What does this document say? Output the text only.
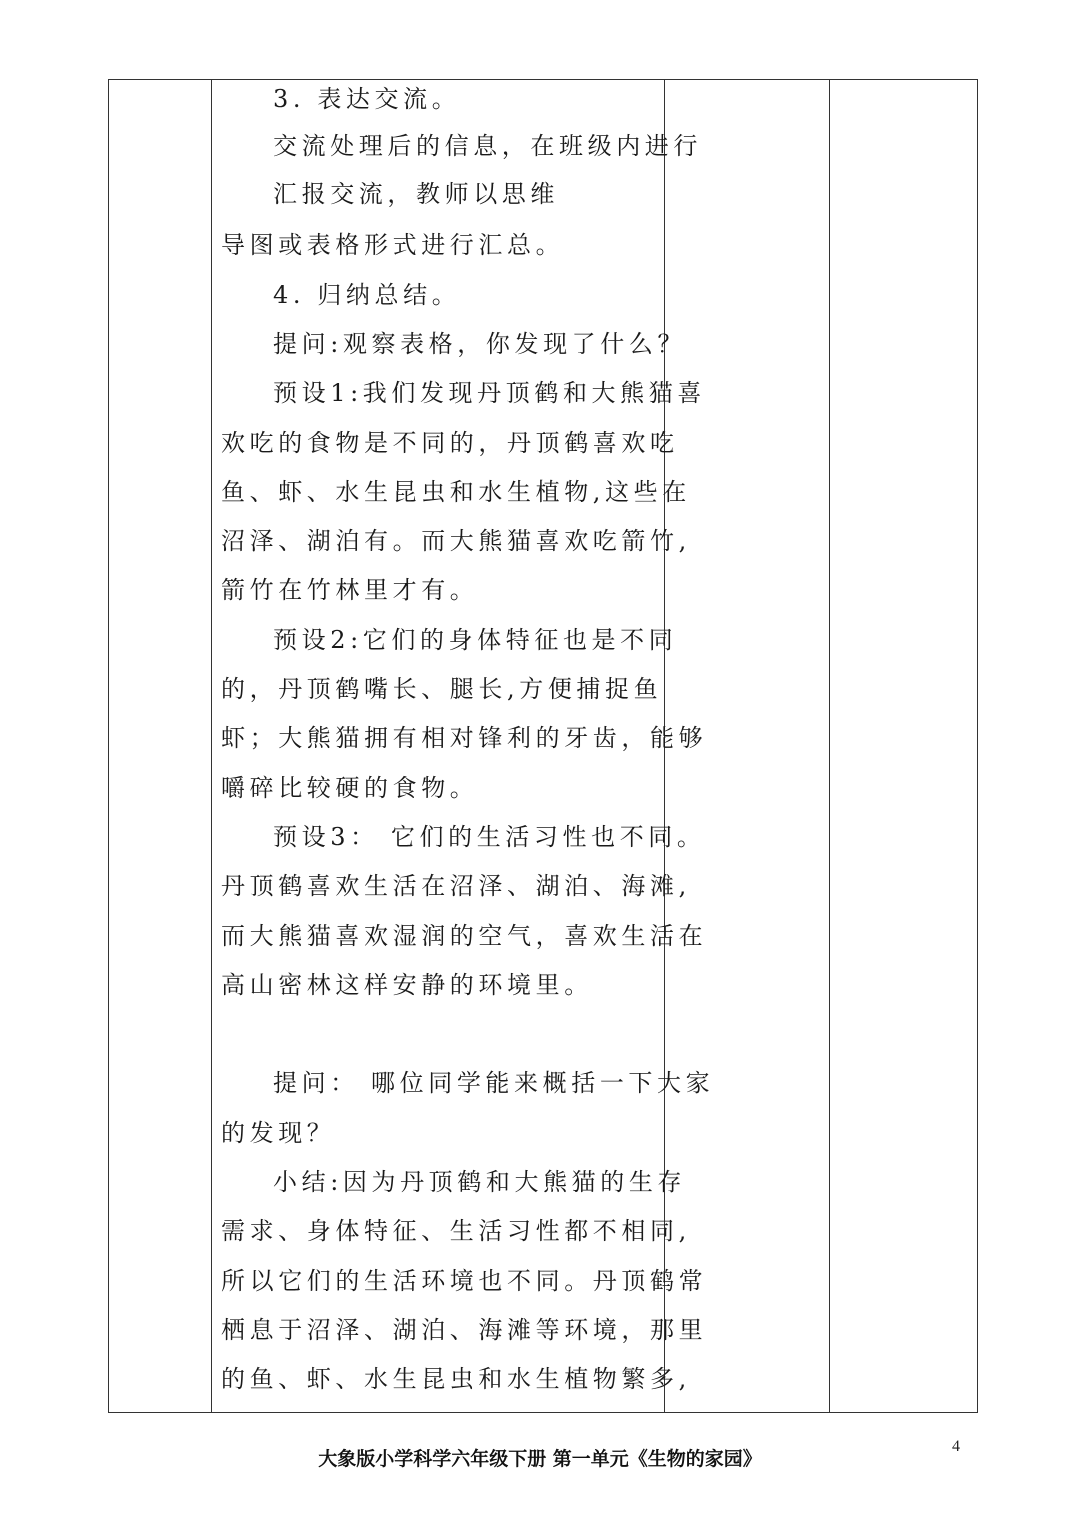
3. 表达交流。
交流处理后的信息，在班级内进行
汇报交流，教师以思维
导图或表格形式进行汇总。
4. 归纳总结。
提问:观察表格，你发现了什么？
预设1:我们发现丹顶鹤和大熊猫喜
欢吃的食物是不同的，丹顶鹤喜欢吃
鱼、虾、水生昆虫和水生植物,这些在
沼泽、湖泊有。而大熊猫喜欢吃箭竹,
箭竹在竹林里才有。
预设2:它们的身体特征也是不同
的，丹顶鹤嘴长、腿长,方便捕捉鱼
虾；大熊猫拥有相对锋利的牙齿，能够
嚼碎比较硬的食物。
预设3： 它们的生活习性也不同。
丹顶鹤喜欢生活在沼泽、湖泊、海滩,
而大熊猫喜欢湿润的空气，喜欢生活在
高山密林这样安静的环境里。
提问： 哪位同学能来概括一下大家
的发现？
小结:因为丹顶鹤和大熊猫的生存
需求、身体特征、生活习性都不相同,
所以它们的生活环境也不同。丹顶鹤常
栖息于沼泽、湖泊、海滩等环境，那里
的鱼、虾、水生昆虫和水生植物繁多,
大象版小学科学六年级下册 第一单元《生物的家园》
4
